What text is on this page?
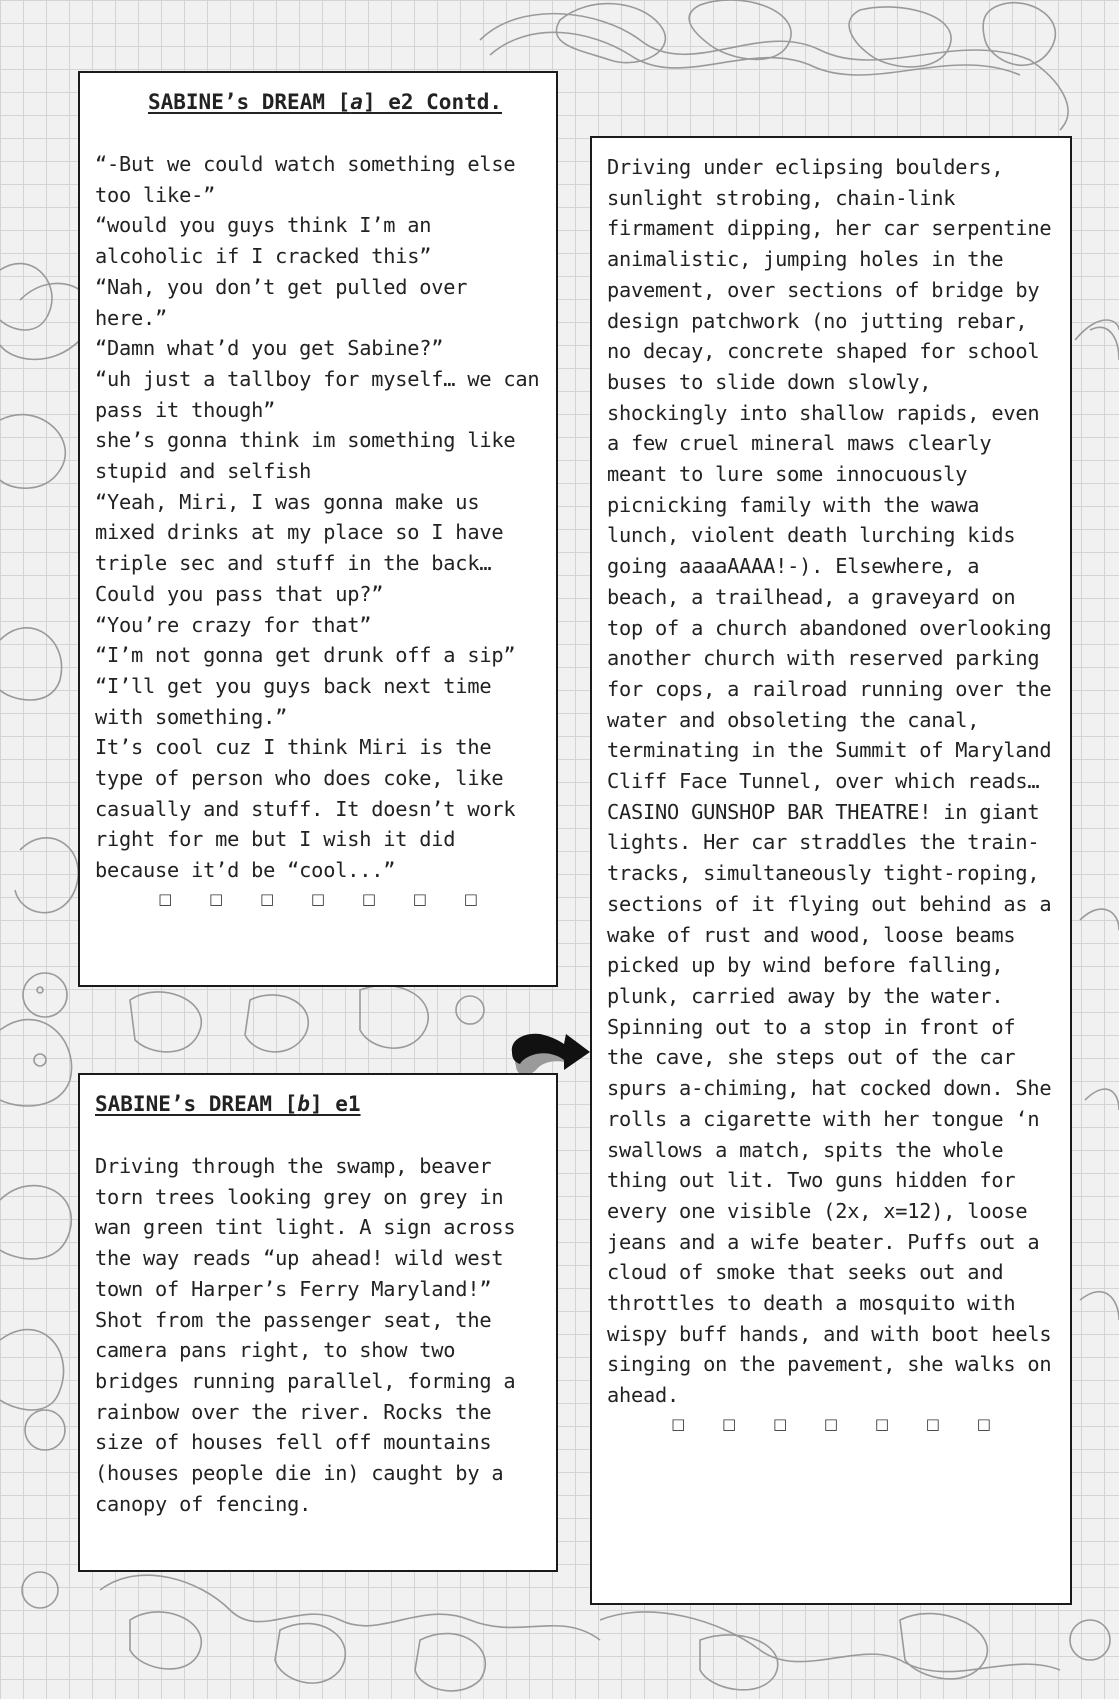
SABINE’s DREAM [a] e2 Contd.

“-But we could watch something else too like-”
“would you guys think I’m an alcoholic if I cracked this”
“Nah, you don’t get pulled over here.”
“Damn what’d you get Sabine?”
“uh just a tallboy for myself… we can pass it though”
she’s gonna think im something like stupid and selfish
“Yeah, Miri, I was gonna make us mixed drinks at my place so I have triple sec and stuff in the back… Could you pass that up?”
“You’re crazy for that”
“I’m not gonna get drunk off a sip”
“I’ll get you guys back next time with something.”
It’s cool cuz I think Miri is the type of person who does coke, like casually and stuff. It doesn’t work right for me but I wish it did because it’d be “cool...”

□ □ □ □ □ □ □
SABINE’s DREAM [b] e1

Driving through the swamp, beaver torn trees looking grey on grey in wan green tint light. A sign across the way reads “up ahead! wild west town of Harper’s Ferry Maryland!” Shot from the passenger seat, the camera pans right, to show two bridges running parallel, forming a rainbow over the river. Rocks the size of houses fell off mountains (houses people die in) caught by a canopy of fencing.

Driving under eclipsing boulders, sunlight strobing, chain-link firmament dipping, her car serpentine animalistic, jumping holes in the pavement, over sections of bridge by design patchwork (no jutting rebar, no decay, concrete shaped for school buses to slide down slowly, shockingly into shallow rapids, even a few cruel mineral maws clearly meant to lure some innocuously picnicking family with the wawa lunch, violent death lurching kids going aaaaAAAA!-). Elsewhere, a beach, a trailhead, a graveyard on top of a church abandoned overlooking another church with reserved parking for cops, a railroad running over the water and obsoleting the canal, terminating in the Summit of Maryland Cliff Face Tunnel, over which reads… CASINO GUNSHOP BAR THEATRE! in giant lights. Her car straddles the train-tracks, simultaneously tight-roping, sections of it flying out behind as a wake of rust and wood, loose beams picked up by wind before falling, plunk, carried away by the water. Spinning out to a stop in front of the cave, she steps out of the car spurs a-chiming, hat cocked down. She rolls a cigarette with her tongue ‘n swallows a match, spits the whole thing out lit. Two guns hidden for every one visible (2x, x=12), loose jeans and a wife beater. Puffs out a cloud of smoke that seeks out and throttles to death a mosquito with wispy buff hands, and with boot heels singing on the pavement, she walks on ahead.

□ □ □ □ □ □ □
